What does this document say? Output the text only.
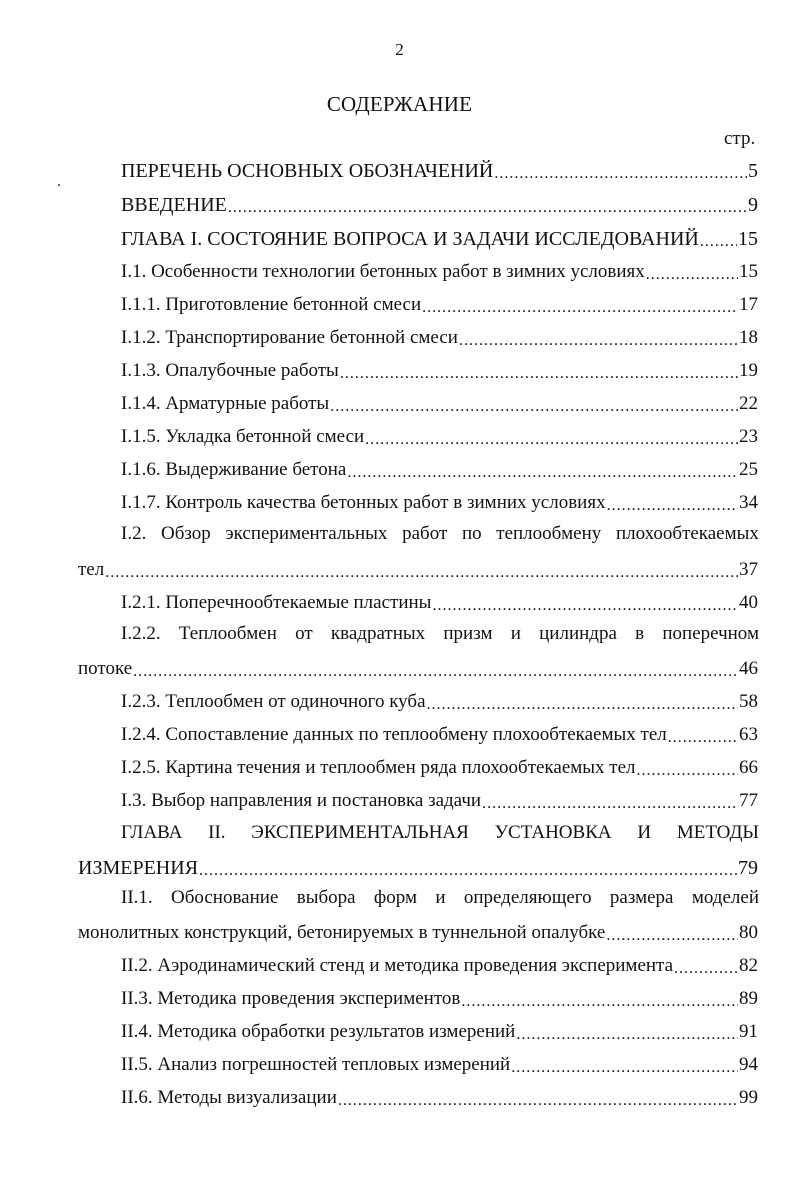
2
СОДЕРЖАНИЕ
стр.
ПЕРЕЧЕНЬ ОСНОВНЫХ ОБОЗНАЧЕНИЙ .....	5
ВВЕДЕНИЕ .....	9
ГЛАВА I. СОСТОЯНИЕ ВОПРОСА И ЗАДАЧИ ИССЛЕДОВАНИЙ ..... 15
I.1. Особенности технологии бетонных работ в зимних условиях .....	15
I.1.1. Приготовление бетонной смеси .....	17
I.1.2. Транспортирование бетонной смеси .....	18
I.1.3. Опалубочные работы .....	19
I.1.4. Арматурные работы .....	22
I.1.5. Укладка бетонной смеси .....	23
I.1.6. Выдерживание бетона .....	25
I.1.7. Контроль качества бетонных работ в зимних условиях .....	34
I.2. Обзор экспериментальных работ по теплообмену плохообтекаемых
тел .....	37
I.2.1. Поперечнообтекаемые пластины .....	40
I.2.2. Теплообмен от квадратных призм и цилиндра в поперечном
потоке .....	46
I.2.3. Теплообмен от одиночного куба .....	58
I.2.4. Сопоставление данных по теплообмену плохообтекаемых тел .....	63
I.2.5. Картина течения и теплообмен ряда плохообтекаемых тел .....	66
I.3. Выбор направления и постановка задачи .....	77
ГЛАВА II. ЭКСПЕРИМЕНТАЛЬНАЯ УСТАНОВКА И МЕТОДЫ
ИЗМЕРЕНИЯ .....	79
II.1. Обоснование выбора форм и определяющего размера моделей
монолитных конструкций, бетонируемых в туннельной опалубке .....	80
II.2. Аэродинамический стенд и методика проведения эксперимента .....	82
II.3. Методика проведения экспериментов .....	89
II.4. Методика обработки результатов измерений .....	91
II.5. Анализ погрешностей тепловых измерений .....	94
II.6. Методы визуализации .....	99
